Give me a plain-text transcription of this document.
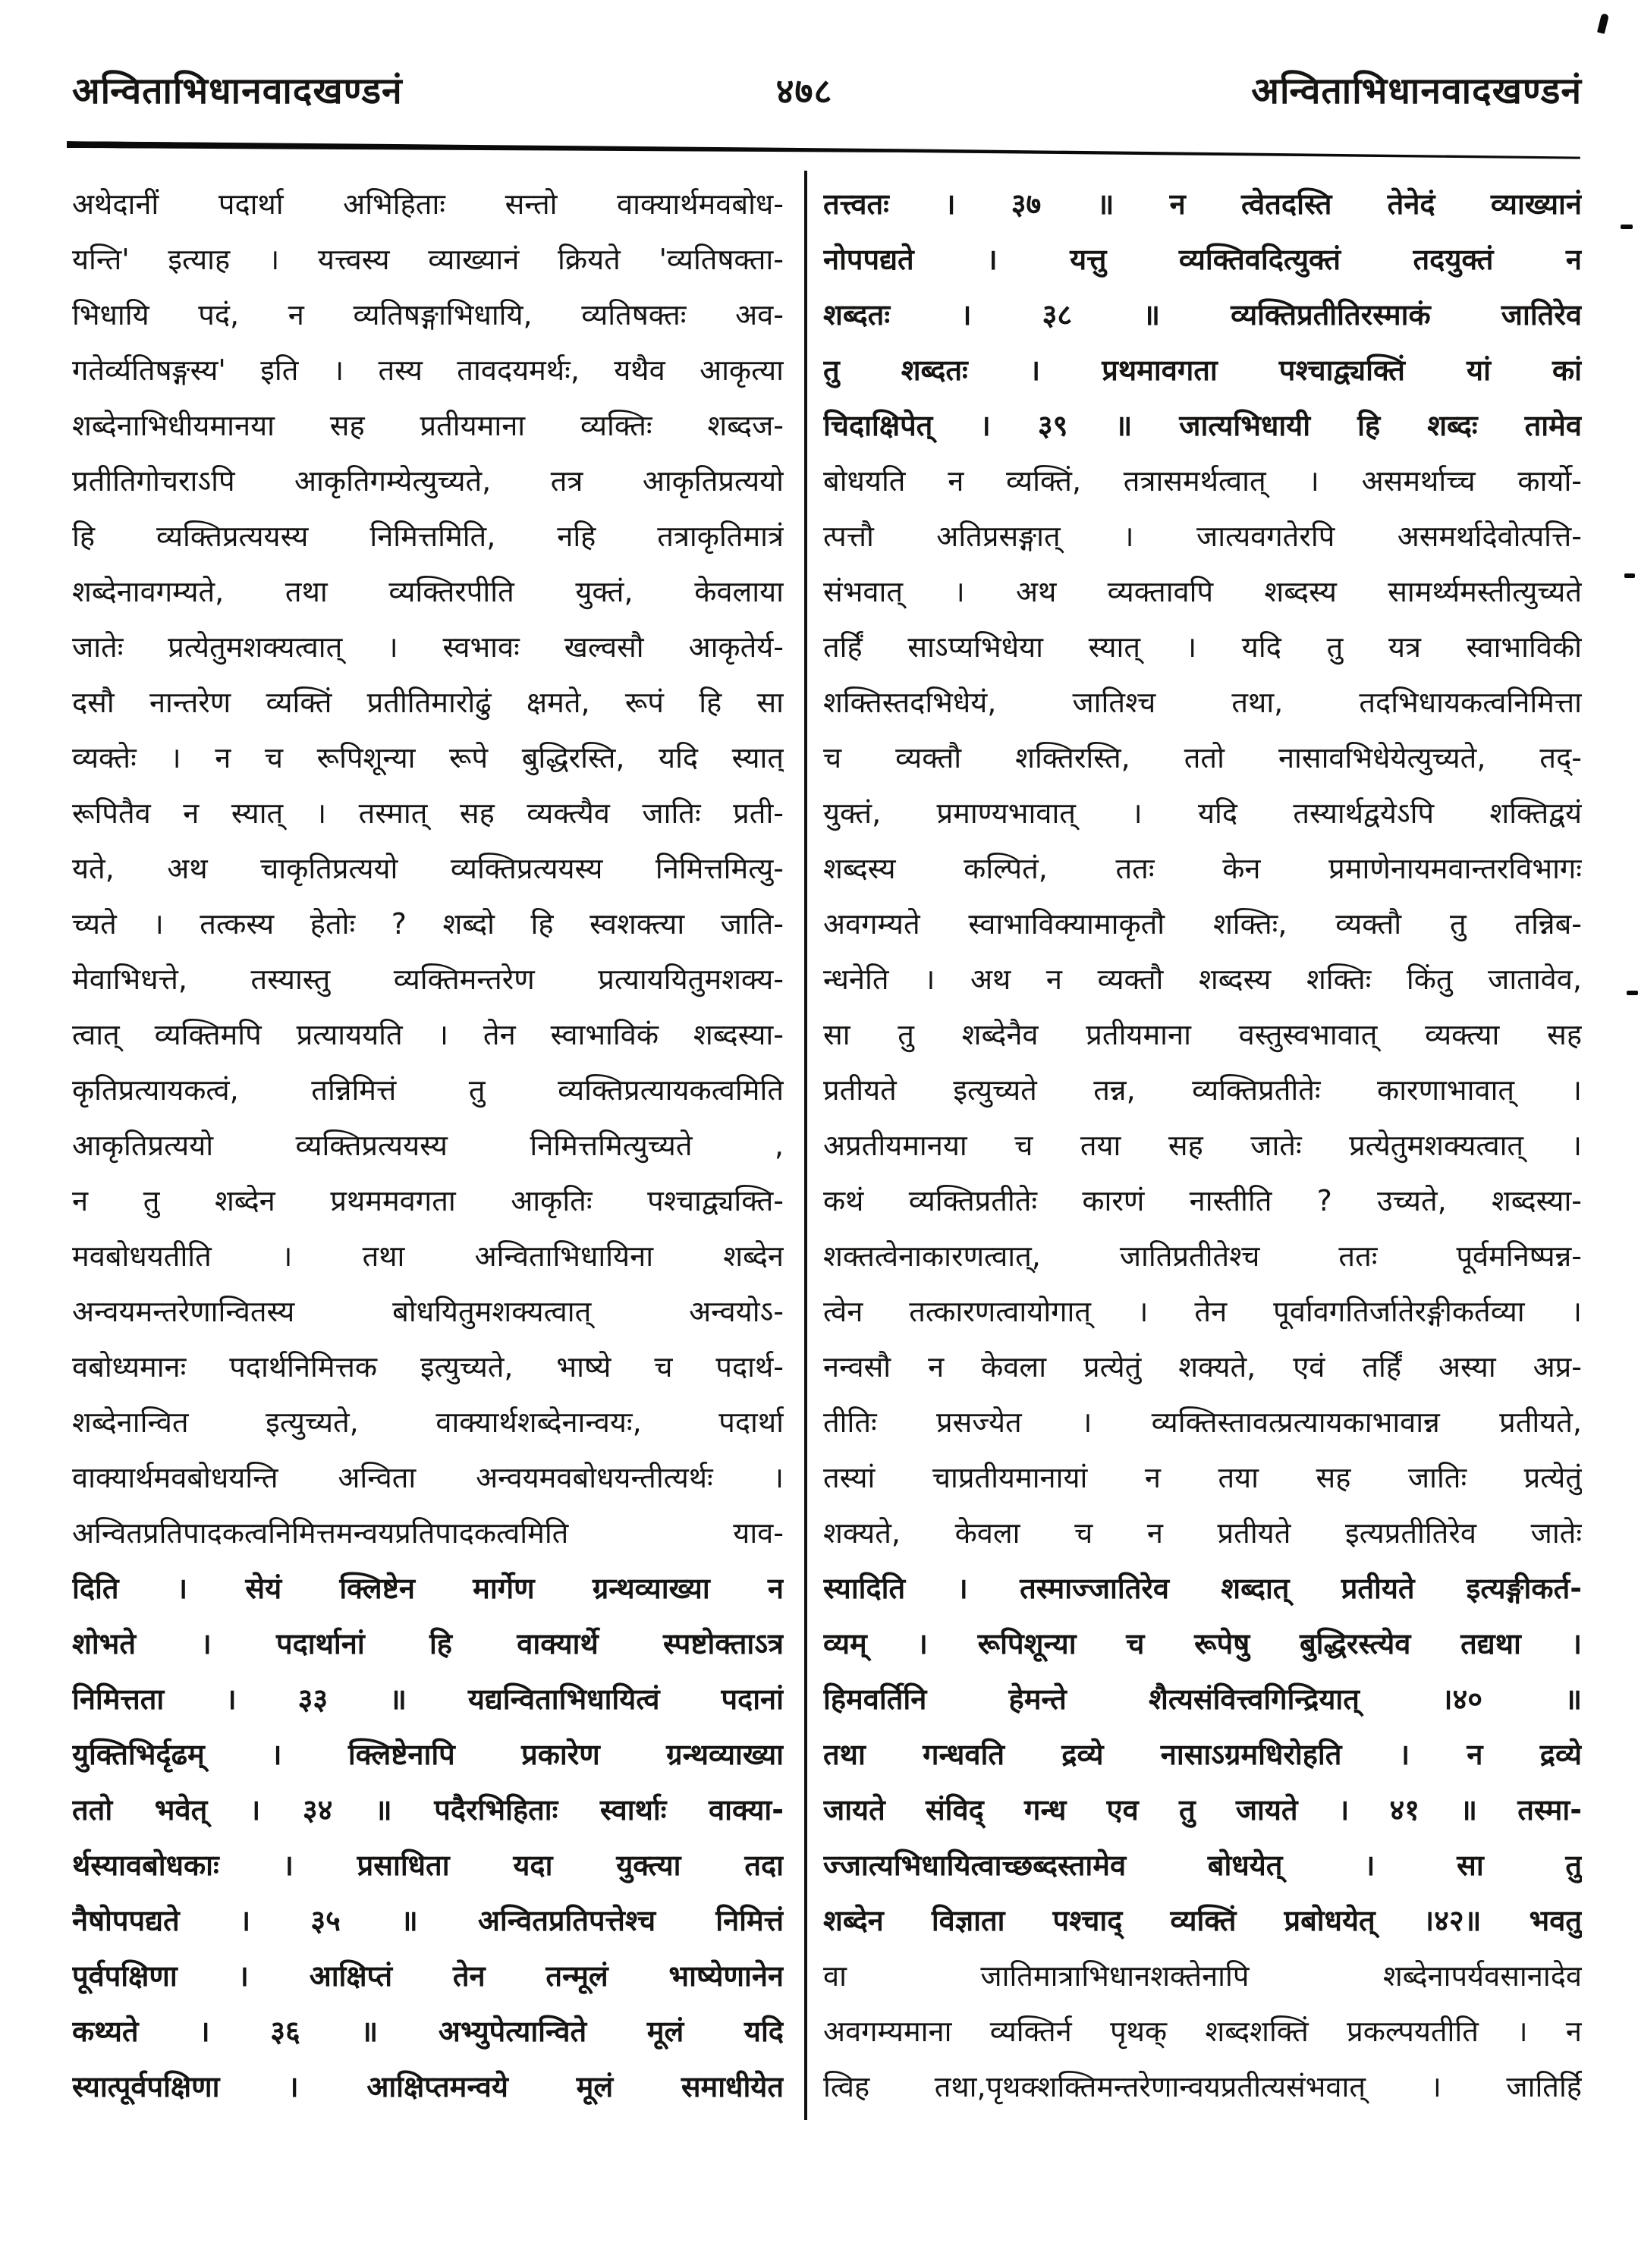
अन्विताभिधानवादखण्डनं	४७८	अन्विताभिधानवादखण्डनं
अथेदानीं पदार्था अभिहिताः सन्तो वाक्यार्थमवबोध-
यन्ति' इत्याह । यत्त्वस्य व्याख्यानं क्रियते 'व्यतिषक्ता-
भिधायि पदं, न व्यतिषङ्गाभिधायि, व्यतिषक्तः अव-
गतेर्व्यतिषङ्गस्य' इति । तस्य तावदयमर्थः, यथैव आकृत्या
शब्देनाभिधीयमानया सह प्रतीयमाना व्यक्तिः शब्दज-
प्रतीतिगोचराऽपि आकृतिगम्येत्युच्यते, तत्र आकृतिप्रत्ययो
हि व्यक्तिप्रत्ययस्य निमित्तमिति, नहि तत्राकृतिमात्रं
शब्देनावगम्यते, तथा व्यक्तिरपीति युक्तं, केवलाया
जातेः प्रत्येतुमशक्यत्वात् । स्वभावः खल्वसौ आकृतेर्य-
दसौ नान्तरेण व्यक्तिं प्रतीतिमारोढुं क्षमते, रूपं हि सा
व्यक्तेः । न च रूपिशून्या रूपे बुद्धिरस्ति, यदि स्यात्
रूपितैव न स्यात् । तस्मात् सह व्यक्त्यैव जातिः प्रती-
यते, अथ चाकृतिप्रत्ययो व्यक्तिप्रत्ययस्य निमित्तमित्यु-
च्यते । तत्कस्य हेतोः ? शब्दो हि स्वशक्त्या जाति-
मेवाभिधत्ते, तस्यास्तु व्यक्तिमन्तरेण प्रत्याययितुमशक्य-
त्वात् व्यक्तिमपि प्रत्याययति । तेन स्वाभाविकं शब्दस्या-
कृतिप्रत्यायकत्वं, तन्निमित्तं तु व्यक्तिप्रत्यायकत्वमिति
आकृतिप्रत्ययो व्यक्तिप्रत्ययस्य निमित्तमित्युच्यते ,
न तु शब्देन प्रथममवगता आकृतिः पश्चाद्व्यक्ति-
मवबोधयतीति । तथा अन्विताभिधायिना शब्देन
अन्वयमन्तरेणान्वितस्य बोधयितुमशक्यत्वात् अन्वयोऽ-
वबोध्यमानः पदार्थनिमित्तक इत्युच्यते, भाष्ये च पदार्थ-
शब्देनान्वित इत्युच्यते, वाक्यार्थशब्देनान्वयः, पदार्था
वाक्यार्थमवबोधयन्ति अन्विता अन्वयमवबोधयन्तीत्यर्थः ।
अन्वितप्रतिपादकत्वनिमित्तमन्वयप्रतिपादकत्वमिति याव-
दिति । सेयं क्लिष्टेन मार्गेण ग्रन्थव्याख्या न
शोभते । पदार्थानां हि वाक्यार्थे स्पष्टोक्ताऽत्र
निमित्तता । ३३ ॥ यद्यन्विताभिधायित्वं पदानां
युक्तिभिर्दृढम् । क्लिष्टेनापि प्रकारेण ग्रन्थव्याख्या
ततो भवेत् । ३४ ॥ पदैरभिहिताः स्वार्थाः वाक्या-
र्थस्यावबोधकाः । प्रसाधिता यदा युक्त्या तदा
नैषोपपद्यते । ३५ ॥ अन्वितप्रतिपत्तेश्च निमित्तं
पूर्वपक्षिणा । आक्षिप्तं तेन तन्मूलं भाष्येणानेन
कथ्यते । ३६ ॥ अभ्युपेत्यान्विते मूलं यदि
स्यात्पूर्वपक्षिणा । आक्षिप्तमन्वये मूलं समाधीयेत
तत्त्वतः । ३७ ॥ न त्वेतदस्ति तेनेदं व्याख्यानं
नोपपद्यते । यत्तु व्यक्तिवदित्युक्तं तदयुक्तं न
शब्दतः । ३८ ॥ व्यक्तिप्रतीतिरस्माकं जातिरेव
तु शब्दतः । प्रथमावगता पश्चाद्व्यक्तिं यां कां
चिदाक्षिपेत् । ३९ ॥ जात्यभिधायी हि शब्दः तामेव
बोधयति न व्यक्तिं, तत्रासमर्थत्वात् । असमर्थाच्च कार्यो-
त्पत्तौ अतिप्रसङ्गात् । जात्यवगतेरपि असमर्थादेवोत्पत्ति-
संभवात् । अथ व्यक्तावपि शब्दस्य सामर्थ्यमस्तीत्युच्यते
तर्हिं साऽप्यभिधेया स्यात् । यदि तु यत्र स्वाभाविकी
शक्तिस्तदभिधेयं, जातिश्च तथा, तदभिधायकत्वनिमित्ता
च व्यक्तौ शक्तिरस्ति, ततो नासावभिधेयेत्युच्यते, तद्-
युक्तं, प्रमाण्यभावात् । यदि तस्यार्थद्वयेऽपि शक्तिद्वयं
शब्दस्य कल्पितं, ततः केन प्रमाणेनायमवान्तरविभागः
अवगम्यते स्वाभाविक्यामाकृतौ शक्तिः, व्यक्तौ तु तन्निब-
न्धनेति । अथ न व्यक्तौ शब्दस्य शक्तिः किंतु जातावेव,
सा तु शब्देनैव प्रतीयमाना वस्तुस्वभावात् व्यक्त्या सह
प्रतीयते इत्युच्यते तन्न, व्यक्तिप्रतीतेः कारणाभावात् ।
अप्रतीयमानया च तया सह जातेः प्रत्येतुमशक्यत्वात् ।
कथं व्यक्तिप्रतीतेः कारणं नास्तीति ? उच्यते, शब्दस्या-
शक्तत्वेनाकारणत्वात्, जातिप्रतीतेश्च ततः पूर्वमनिष्पन्न-
त्वेन तत्कारणत्वायोगात् । तेन पूर्वावगतिर्जातेरङ्गीकर्तव्या ।
नन्वसौ न केवला प्रत्येतुं शक्यते, एवं तर्हिं अस्या अप्र-
तीतिः प्रसज्येत । व्यक्तिस्तावत्प्रत्यायकाभावान्न प्रतीयते,
तस्यां चाप्रतीयमानायां न तया सह जातिः प्रत्येतुं
शक्यते, केवला च न प्रतीयते इत्यप्रतीतिरेव जातेः
स्यादिति । तस्माज्जातिरेव शब्दात् प्रतीयते इत्यङ्गीकर्त-
व्यम् । रूपिशून्या च रूपेषु बुद्धिरस्त्येव तद्यथा ।
हिमवर्तिनि हेमन्ते शैत्यसंवित्त्वगिन्द्रियात् ।४० ॥
तथा गन्धवति द्रव्ये नासाऽग्रमधिरोहति । न द्रव्ये
जायते संविद् गन्ध एव तु जायते । ४१ ॥ तस्मा-
ज्जात्यभिधायित्वाच्छब्दस्तामेव बोधयेत् । सा तु
शब्देन विज्ञाता पश्चाद् व्यक्तिं प्रबोधयेत् ।४२॥ भवतु
वा जातिमात्राभिधानशक्तेनापि शब्देनापर्यवसानादेव
अवगम्यमाना व्यक्तिर्न पृथक् शब्दशक्तिं प्रकल्पयतीति । न
त्विह तथा,पृथक्शक्तिमन्तरेणान्वयप्रतीत्यसंभवात् । जातिर्हि
